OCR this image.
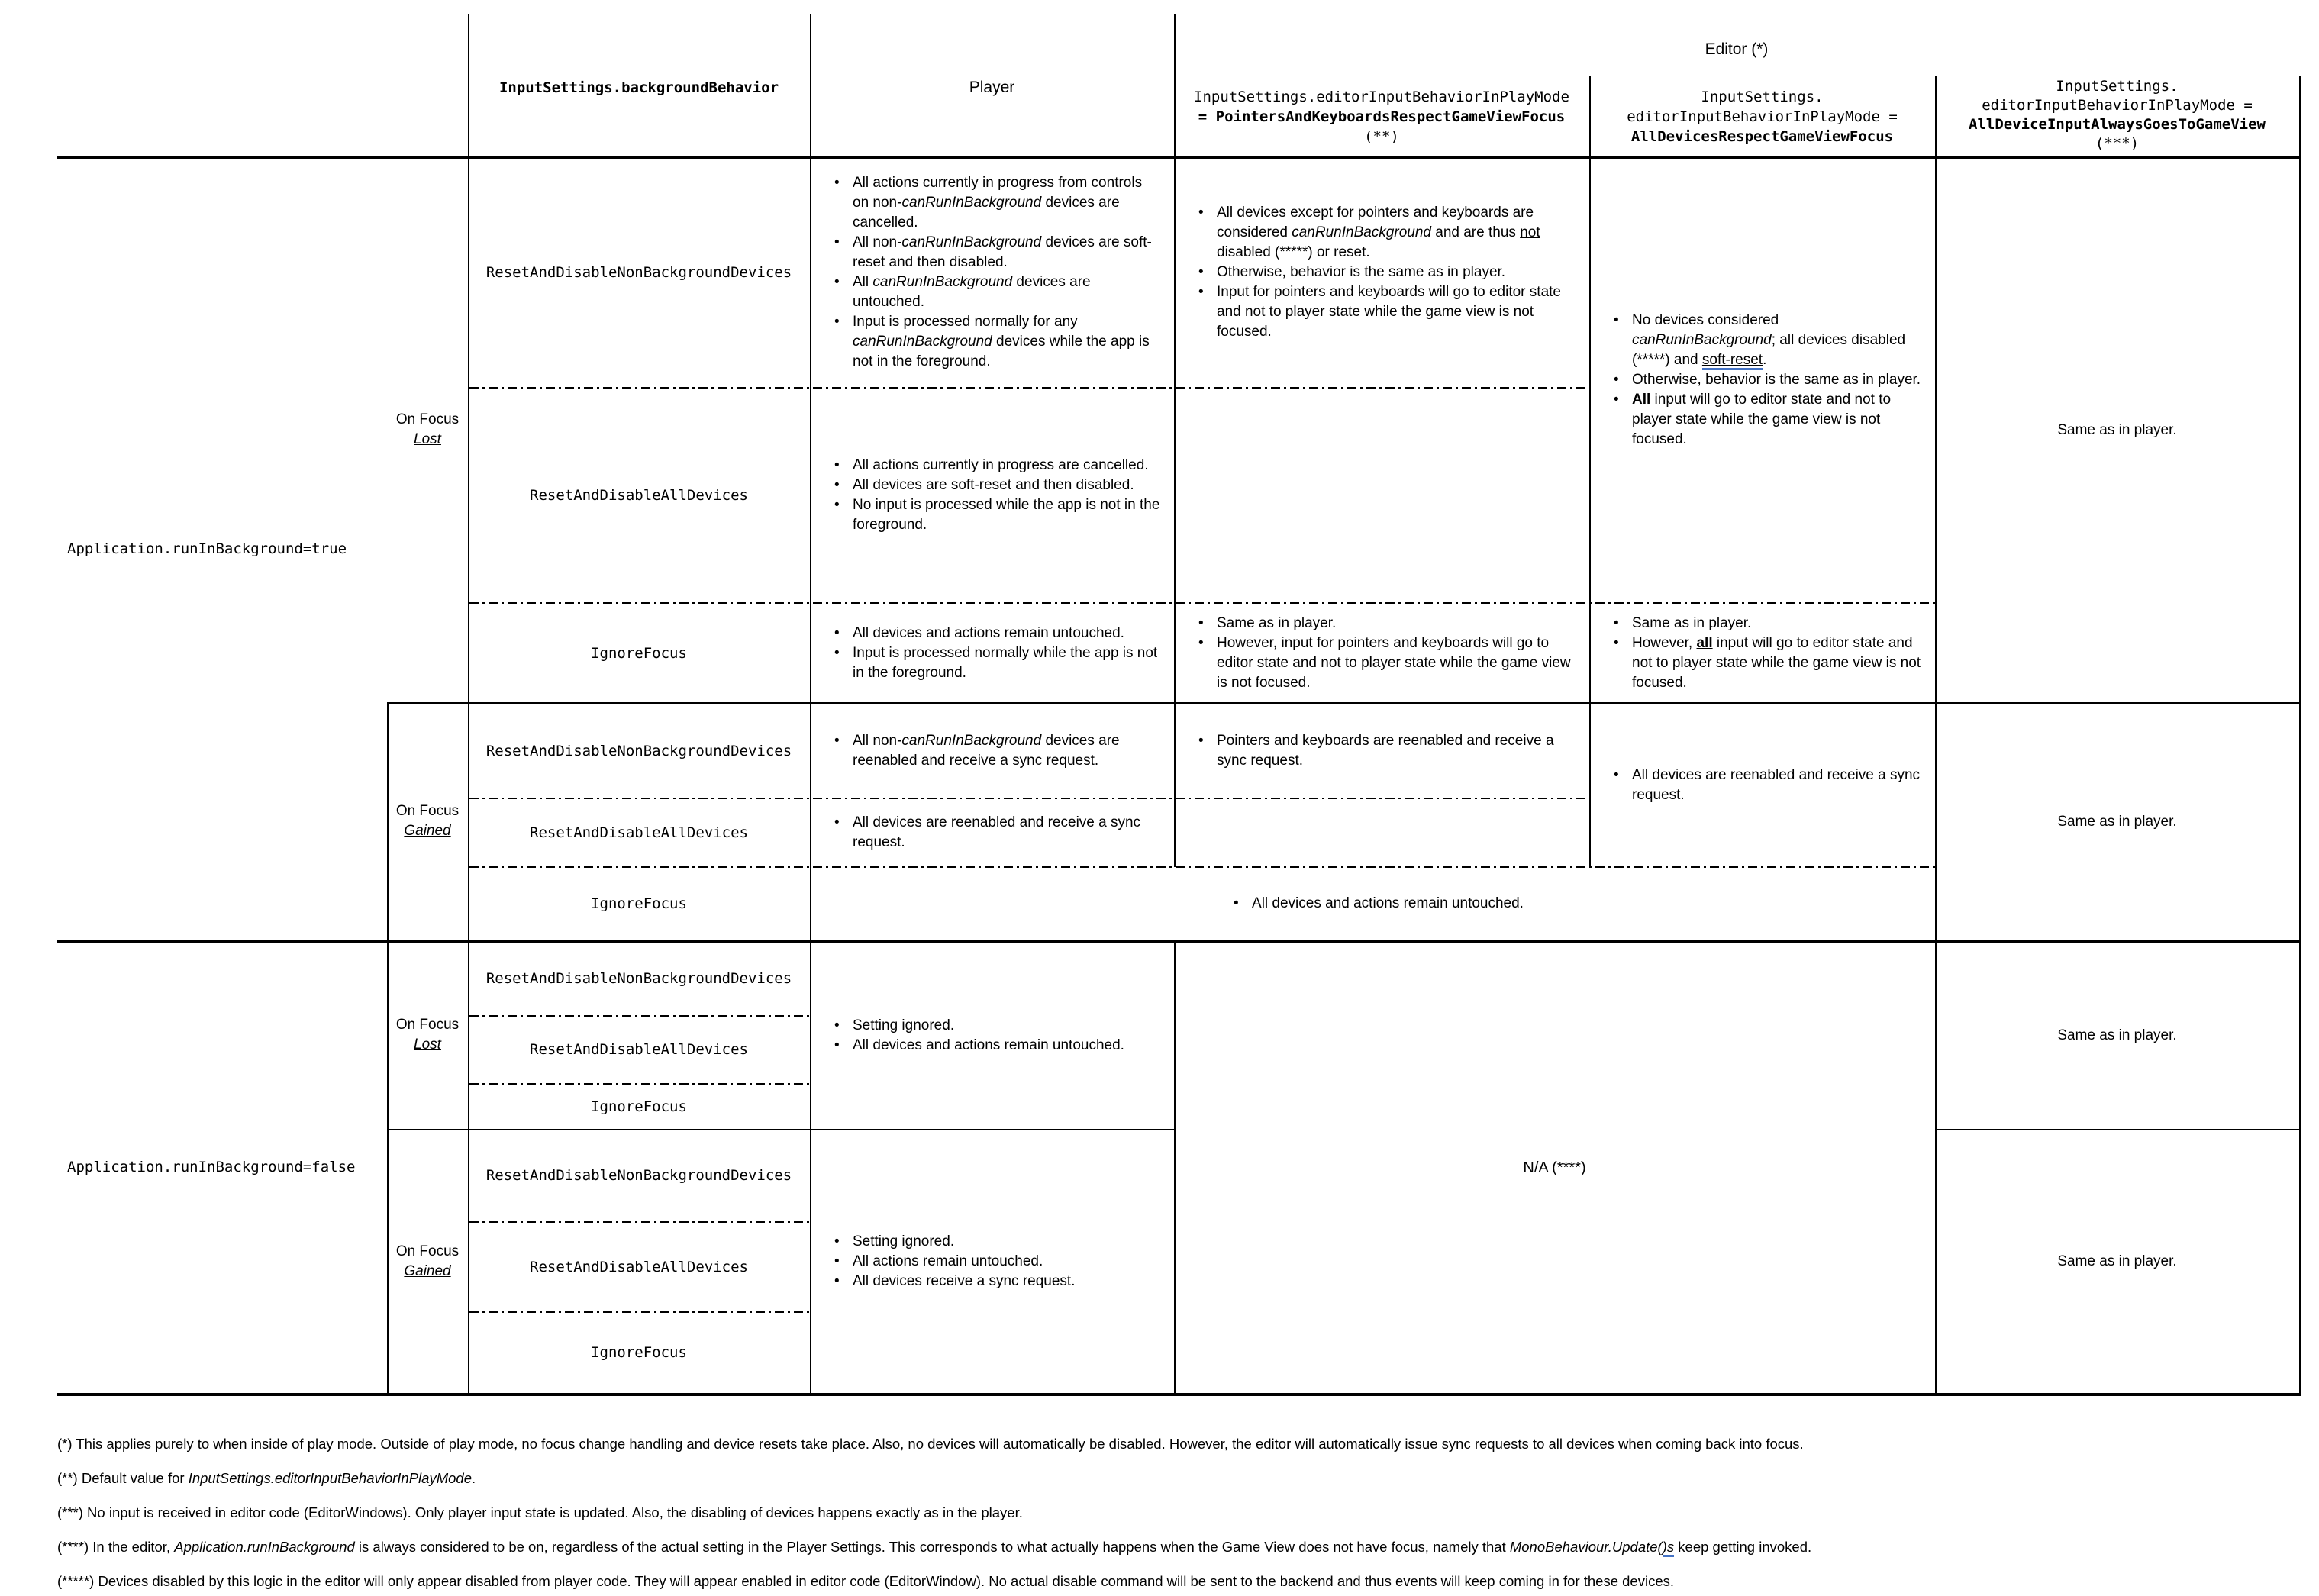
InputSettings.backgroundBehavior	Player
Editor (*)
InputSettings.editorInputBehaviorInPlayMode
= PointersAndKeyboardsRespectGameViewFocus
(**)
InputSettings.
editorInputBehaviorInPlayMode =
AllDevicesRespectGameViewFocus
InputSettings.
editorInputBehaviorInPlayMode =
AllDeviceInputAlwaysGoesToGameView
(***)
Application.runInBackground=true
Application.runInBackground=false
On Focus
Lost
On Focus
Gained
On Focus
Lost
On Focus
Gained
ResetAndDisableNonBackgroundDevices
ResetAndDisableAllDevices
IgnoreFocus
ResetAndDisableNonBackgroundDevices
ResetAndDisableAllDevices
IgnoreFocus
ResetAndDisableNonBackgroundDevices
ResetAndDisableAllDevices
IgnoreFocus
ResetAndDisableNonBackgroundDevices
ResetAndDisableAllDevices
IgnoreFocus
• All actions currently in progress from controls on non-canRunInBackground devices are cancelled.
• All non-canRunInBackground devices are soft-reset and then disabled.
• All canRunInBackground devices are untouched.
• Input is processed normally for any canRunInBackground devices while the app is not in the foreground.
• All devices except for pointers and keyboards are considered canRunInBackground and are thus not disabled (*****) or reset.
• Otherwise, behavior is the same as in player.
• Input for pointers and keyboards will go to editor state and not to player state while the game view is not focused.
• No devices considered canRunInBackground; all devices disabled (*****) and soft-reset.
• Otherwise, behavior is the same as in player.
• All input will go to editor state and not to player state while the game view is not focused.
• All actions currently in progress are cancelled.
• All devices are soft-reset and then disabled.
• No input is processed while the app is not in the foreground.
• All devices and actions remain untouched.
• Input is processed normally while the app is not in the foreground.
• Same as in player.
• However, input for pointers and keyboards will go to editor state and not to player state while the game view is not focused.
• Same as in player.
• However, all input will go to editor state and not to player state while the game view is not focused.
Same as in player.
• All non-canRunInBackground devices are reenabled and receive a sync request.
• Pointers and keyboards are reenabled and receive a sync request.
• All devices are reenabled and receive a sync request.
• All devices are reenabled and receive a sync request.
• All devices and actions remain untouched.
Same as in player.
• Setting ignored.
• All devices and actions remain untouched.
• Setting ignored.
• All actions remain untouched.
• All devices receive a sync request.
N/A (****)
Same as in player.
Same as in player.
(*) This applies purely to when inside of play mode. Outside of play mode, no focus change handling and device resets take place. Also, no devices will automatically be disabled. However, the editor will automatically issue sync requests to all devices when coming back into focus.
(**) Default value for InputSettings.editorInputBehaviorInPlayMode.
(***) No input is received in editor code (EditorWindows). Only player input state is updated. Also, the disabling of devices happens exactly as in the player.
(****) In the editor, Application.runInBackground is always considered to be on, regardless of the actual setting in the Player Settings. This corresponds to what actually happens when the Game View does not have focus, namely that MonoBehaviour.Update()s keep getting invoked.
(*****) Devices disabled by this logic in the editor will only appear disabled from player code. They will appear enabled in editor code (EditorWindow). No actual disable command will be sent to the backend and thus events will keep coming in for these devices.
